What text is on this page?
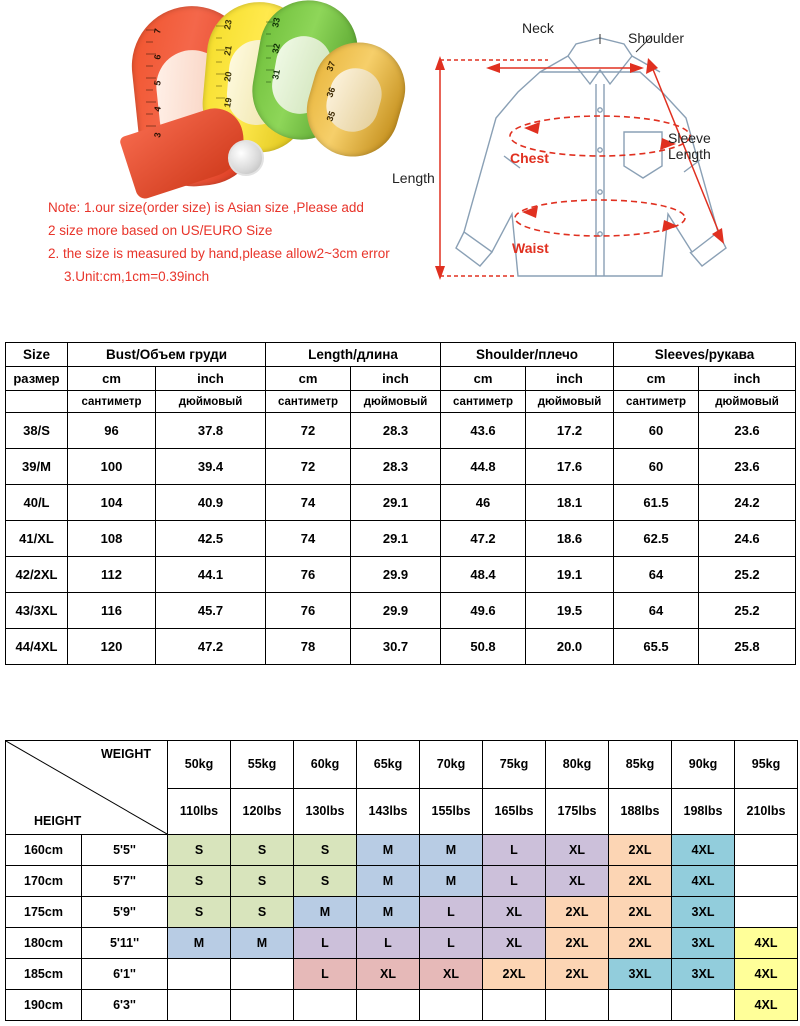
7
6
5
4
3
23
21
20
19
33
32
31
37
36
35
Note: 1.our size(order size) is Asian size ,Please add
2 size more based on US/EURO Size
2. the size is measured by hand,please allow2~3cm error
3.Unit:cm,1cm=0.39inch
Neck
Shoulder
Sleeve
Length
Length
Chest
Waist
Size	Bust/Объем груди		Length/длина		Shoulder/плечо		Sleeves/рукава	
размер	cm	inch	cm	inch	cm	inch	cm	inch
	сантиметр	дюймовый	сантиметр	дюймовый	сантиметр	дюймовый	сантиметр	дюймовый
38/S	96	37.8	72	28.3	43.6	17.2	60	23.6
39/M	100	39.4	72	28.3	44.8	17.6	60	23.6
40/L	104	40.9	74	29.1	46	18.1	61.5	24.2
41/XL	108	42.5	74	29.1	47.2	18.6	62.5	24.6
42/2XL	112	44.1	76	29.9	48.4	19.1	64	25.2
43/3XL	116	45.7	76	29.9	49.6	19.5	64	25.2
44/4XL	120	47.2	78	30.7	50.8	20.0	65.5	25.8
WEIGHT
HEIGHT		50kg	55kg	60kg	65kg	70kg	75kg	80kg	85kg	90kg	95kg
		110lbs	120lbs	130lbs	143lbs	155lbs	165lbs	175lbs	188lbs	198lbs	210lbs
160cm	5'5''	S	S	S	M	M	L	XL	2XL	4XL	
170cm	5'7''	S	S	S	M	M	L	XL	2XL	4XL	
175cm	5'9''	S	S	M	M	L	XL	2XL	2XL	3XL	
180cm	5'11''	M	M	L	L	L	XL	2XL	2XL	3XL	4XL
185cm	6'1''			L	XL	XL	2XL	2XL	3XL	3XL	4XL
190cm	6'3''										4XL
